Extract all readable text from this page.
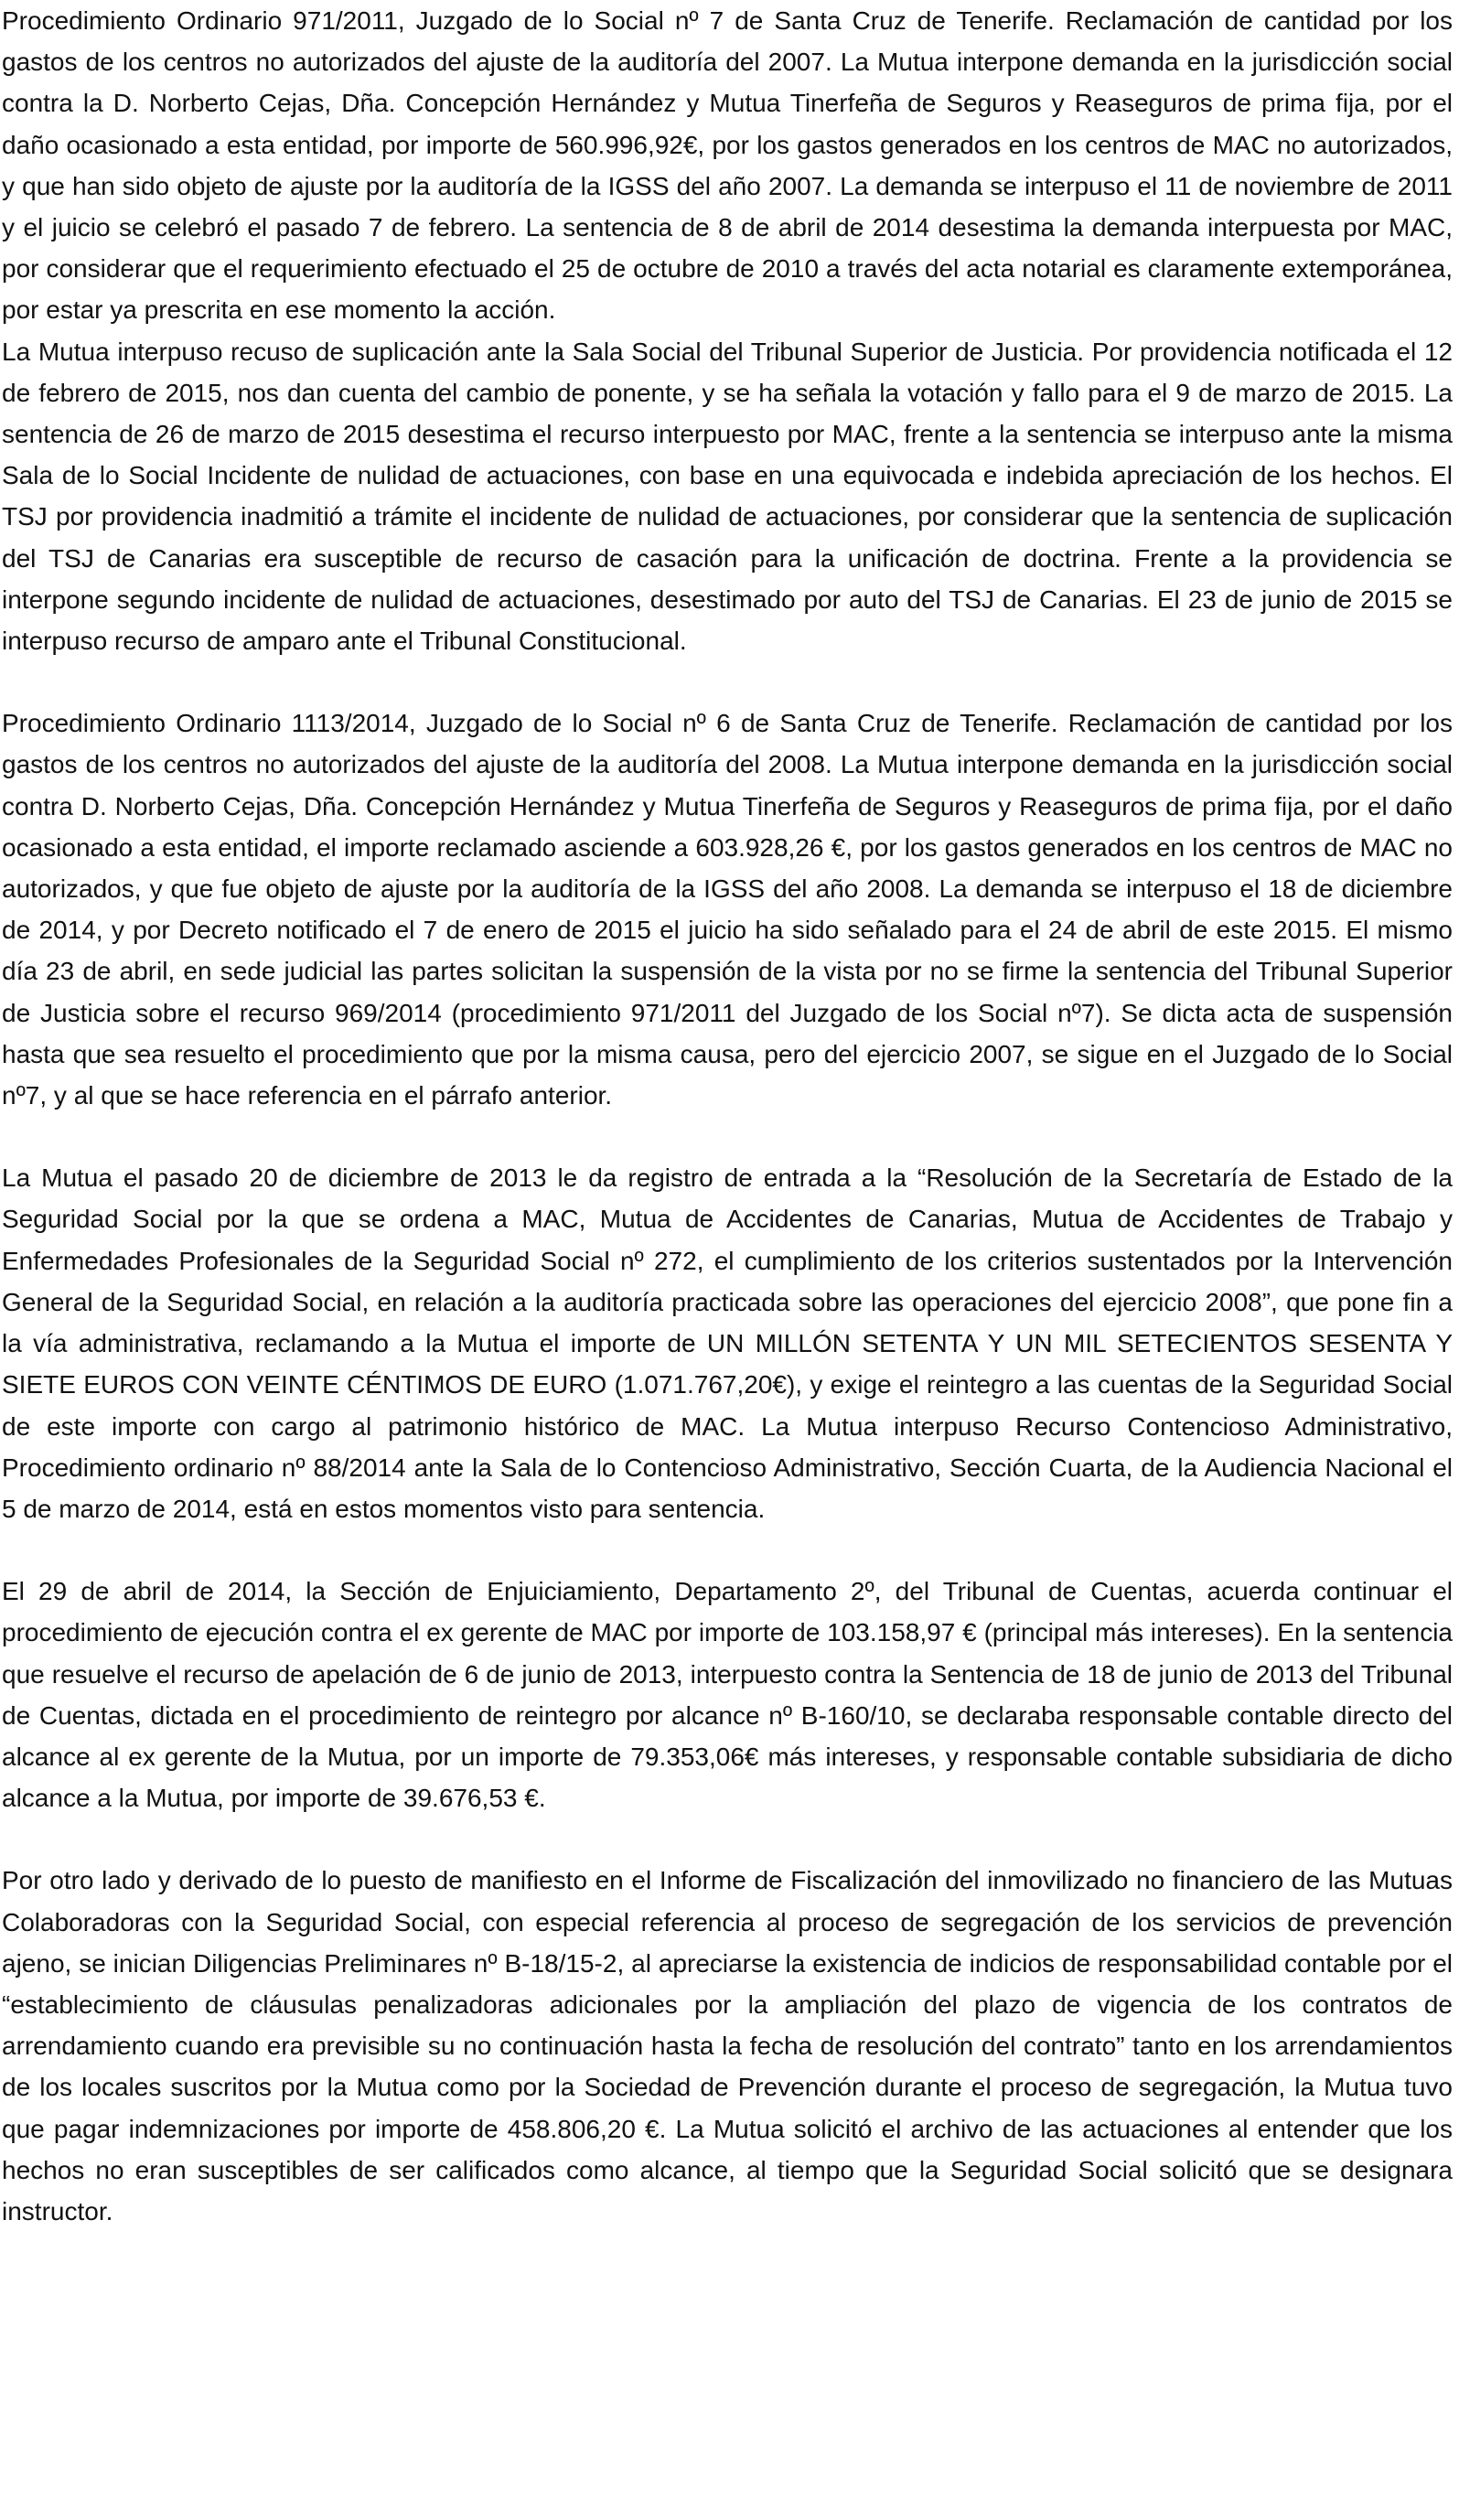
Procedimiento Ordinario 971/2011, Juzgado de lo Social nº 7 de Santa Cruz de Tenerife. Reclamación de cantidad por los gastos de los centros no autorizados del ajuste de la auditoría del 2007. La Mutua interpone demanda en la jurisdicción social contra la D. Norberto Cejas, Dña. Concepción Hernández y Mutua Tinerfeña de Seguros y Reaseguros de prima fija, por el daño ocasionado a esta entidad, por importe de 560.996,92€, por los gastos generados en los centros de MAC no autorizados, y que han sido objeto de ajuste por la auditoría de la IGSS del año 2007. La demanda se interpuso el 11 de noviembre de 2011 y el juicio se celebró el pasado 7 de febrero. La sentencia de 8 de abril de 2014 desestima la demanda interpuesta por MAC, por considerar que el requerimiento efectuado el 25 de octubre de 2010 a través del acta notarial es claramente extemporánea, por estar ya prescrita en ese momento la acción.

La Mutua interpuso recuso de suplicación ante la Sala Social del Tribunal Superior de Justicia. Por providencia notificada el 12 de febrero de 2015, nos dan cuenta del cambio de ponente, y se ha señala la votación y fallo para el 9 de marzo de 2015. La sentencia de 26 de marzo de 2015 desestima el recurso interpuesto por MAC, frente a la sentencia se interpuso ante la misma Sala de lo Social Incidente de nulidad de actuaciones, con base en una equivocada e indebida apreciación de los hechos. El TSJ por providencia inadmitió a trámite el incidente de nulidad de actuaciones, por considerar que la sentencia de suplicación del TSJ de Canarias era susceptible de recurso de casación para la unificación de doctrina. Frente a la providencia se interpone segundo incidente de nulidad de actuaciones, desestimado por auto del TSJ de Canarias. El 23 de junio de 2015 se interpuso recurso de amparo ante el Tribunal Constitucional.

Procedimiento Ordinario 1113/2014, Juzgado de lo Social nº 6 de Santa Cruz de Tenerife. Reclamación de cantidad por los gastos de los centros no autorizados del ajuste de la auditoría del 2008. La Mutua interpone demanda en la jurisdicción social contra D. Norberto Cejas, Dña. Concepción Hernández y Mutua Tinerfeña de Seguros y Reaseguros de prima fija, por el daño ocasionado a esta entidad, el importe reclamado asciende a 603.928,26 €, por los gastos generados en los centros de MAC no autorizados, y que fue objeto de ajuste por la auditoría de la IGSS del año 2008. La demanda se interpuso el 18 de diciembre de 2014, y por Decreto notificado el 7 de enero de 2015 el juicio ha sido señalado para el 24 de abril de este 2015. El mismo día 23 de abril, en sede judicial las partes solicitan la suspensión de la vista por no se firme la sentencia del Tribunal Superior de Justicia sobre el recurso 969/2014 (procedimiento 971/2011 del Juzgado de los Social nº7). Se dicta acta de suspensión hasta que sea resuelto el procedimiento que por la misma causa, pero del ejercicio 2007, se sigue en el Juzgado de lo Social nº7, y al que se hace referencia en el párrafo anterior.

La Mutua el pasado 20 de diciembre de 2013 le da registro de entrada a la “Resolución de la Secretaría de Estado de la Seguridad Social por la que se ordena a MAC, Mutua de Accidentes de Canarias, Mutua de Accidentes de Trabajo y Enfermedades Profesionales de la Seguridad Social nº 272, el cumplimiento de los criterios sustentados por la Intervención General de la Seguridad Social, en relación a la auditoría practicada sobre las operaciones del ejercicio 2008”, que pone fin a la vía administrativa, reclamando a la Mutua el importe de UN MILLÓN SETENTA Y UN MIL SETECIENTOS SESENTA Y SIETE EUROS CON VEINTE CÉNTIMOS DE EURO (1.071.767,20€), y exige el reintegro a las cuentas de la Seguridad Social de este importe con cargo al patrimonio histórico de MAC. La Mutua interpuso Recurso Contencioso Administrativo, Procedimiento ordinario nº 88/2014 ante la Sala de lo Contencioso Administrativo, Sección Cuarta, de la Audiencia Nacional el 5 de marzo de 2014, está en estos momentos visto para sentencia.

El 29 de abril de 2014, la Sección de Enjuiciamiento, Departamento 2º, del Tribunal de Cuentas, acuerda continuar el procedimiento de ejecución contra el ex gerente de MAC por importe de 103.158,97 € (principal más intereses). En la sentencia que resuelve el recurso de apelación de 6 de junio de 2013, interpuesto contra la Sentencia de 18 de junio de 2013 del Tribunal de Cuentas, dictada en el procedimiento de reintegro por alcance nº B-160/10, se declaraba responsable contable directo del alcance al ex gerente de la Mutua, por un importe de 79.353,06€ más intereses, y responsable contable subsidiaria de dicho alcance a la Mutua, por importe de 39.676,53 €.

Por otro lado y derivado de lo puesto de manifiesto en el Informe de Fiscalización del inmovilizado no financiero de las Mutuas Colaboradoras con la Seguridad Social, con especial referencia al proceso de segregación de los servicios de prevención ajeno, se inician Diligencias Preliminares nº B-18/15-2, al apreciarse la existencia de indicios de responsabilidad contable por el “establecimiento de cláusulas penalizadoras adicionales por la ampliación del plazo de vigencia de los contratos de arrendamiento cuando era previsible su no continuación hasta la fecha de resolución del contrato” tanto en los arrendamientos de los locales suscritos por la Mutua como por la Sociedad de Prevención durante el proceso de segregación, la Mutua tuvo que pagar indemnizaciones por importe de 458.806,20 €. La Mutua solicitó el archivo de las actuaciones al entender que los hechos no eran susceptibles de ser calificados como alcance, al tiempo que la Seguridad Social solicitó que se designara instructor.
